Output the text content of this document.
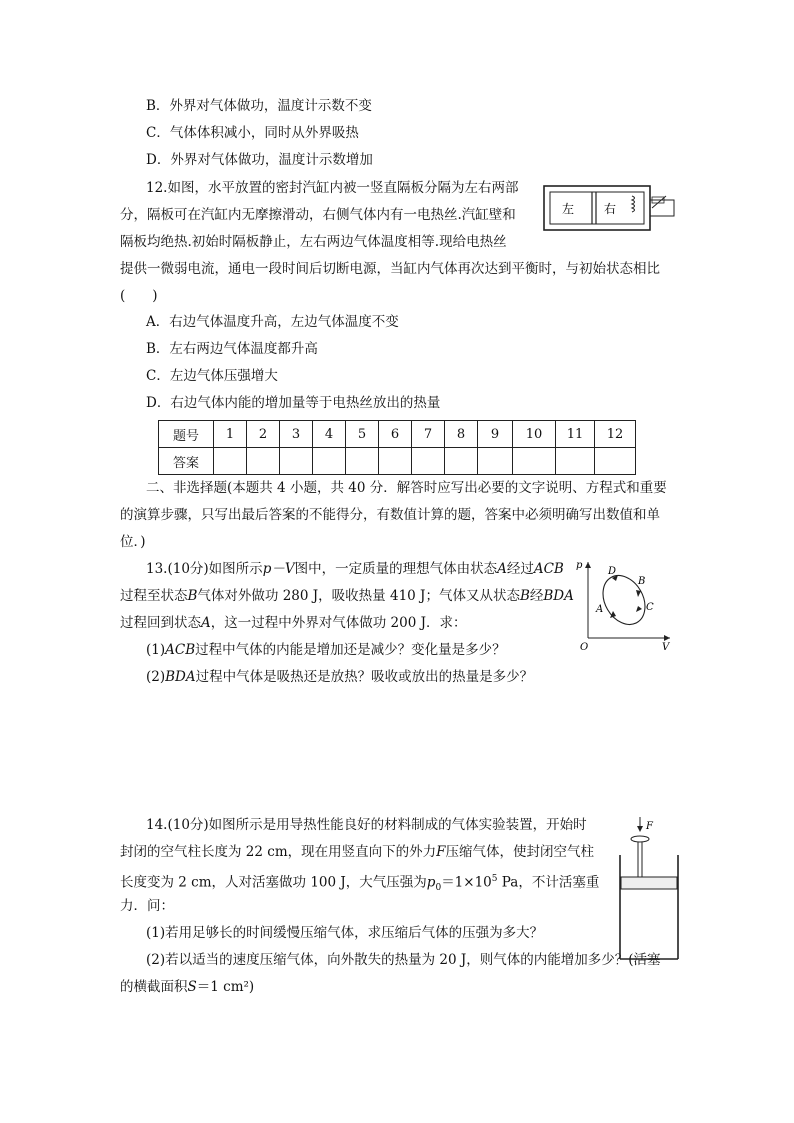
B．外界对气体做功，温度计示数不变
C．气体体积减小，同时从外界吸热
D．外界对气体做功，温度计示数增加
12.如图，水平放置的密封汽缸内被一竖直隔板分隔为左右两部
分，隔板可在汽缸内无摩擦滑动，右侧气体内有一电热丝.汽缸壁和
隔板均绝热.初始时隔板静止，左右两边气体温度相等.现给电热丝
提供一微弱电流，通电一段时间后切断电源，当缸内气体再次达到平衡时，与初始状态相比
(　　)
左 右
A．右边气体温度升高，左边气体温度不变
B．左右两边气体温度都升高
C．左边气体压强增大
D．右边气体内能的增加量等于电热丝放出的热量
题号	1	2	3	4	5	6	7	8	9	10	11	12
答案												
二、非选择题(本题共 4 小题，共 40 分．解答时应写出必要的文字说明、方程式和重要
的演算步骤，只写出最后答案的不能得分，有数值计算的题，答案中必须明确写出数值和单
位．)
13.(10分)如图所示p－V图中，一定质量的理想气体由状态A经过ACB
过程至状态B气体对外做功 280 J，吸收热量 410 J；气体又从状态B经BDA
过程回到状态A，这一过程中外界对气体做功 200 J．求：
(1)ACB过程中气体的内能是增加还是减少？变化量是多少？
(2)BDA过程中气体是吸热还是放热？吸收或放出的热量是多少？
p
V
O
A
B
C
D
14.(10分)如图所示是用导热性能良好的材料制成的气体实验装置，开始时
封闭的空气柱长度为 22 cm，现在用竖直向下的外力F压缩气体，使封闭空气柱
长度变为 2 cm，人对活塞做功 100 J，大气压强为$p_0=1\times 10^5$ Pa，不计活塞重
力．问：
(1)若用足够长的时间缓慢压缩气体，求压缩后气体的压强为多大？
(2)若以适当的速度压缩气体，向外散失的热量为 20 J，则气体的内能增加多少？(活塞
的横截面积S＝1 cm²)
F
